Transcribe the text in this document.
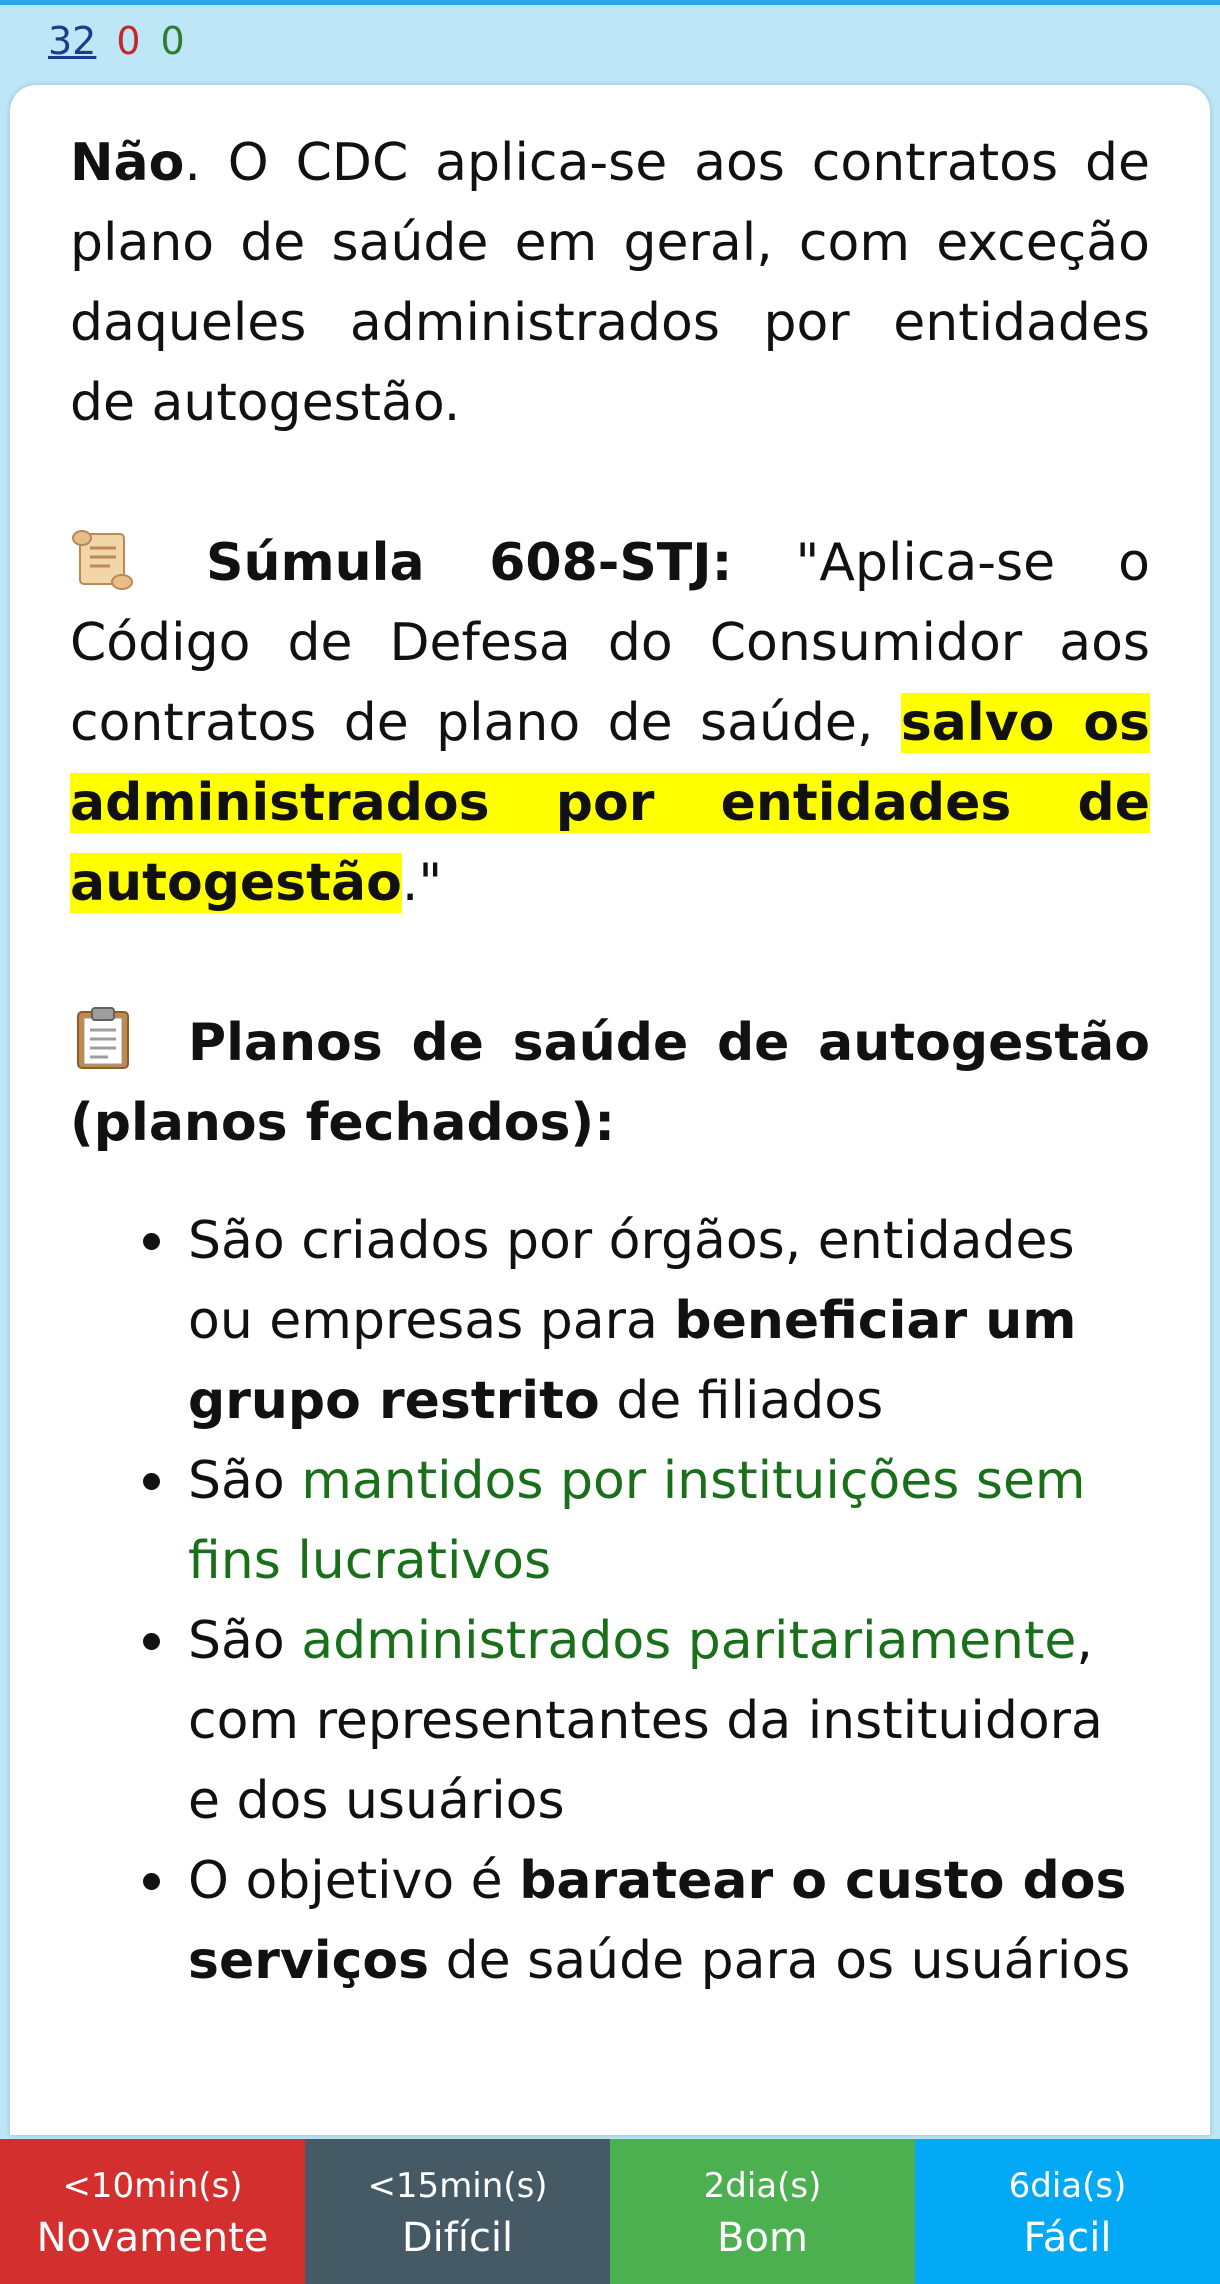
32 0 0

Não. O CDC aplica-se aos contratos de plano de saúde em geral, com exceção daqueles administrados por entidades de autogestão.

Súmula 608-STJ: "Aplica-se o Código de Defesa do Consumidor aos contratos de plano de saúde, salvo os administrados por entidades de autogestão."

Planos de saúde de autogestão (planos fechados):

São criados por órgãos, entidades ou empresas para beneficiar um grupo restrito de filiados
São mantidos por instituições sem fins lucrativos
São administrados paritariamente, com representantes da instituidora e dos usuários
O objetivo é baratear o custo dos serviços de saúde para os usuários
<10min(s)
Novamente
<15min(s)
Difícil
2dia(s)
Bom
6dia(s)
Fácil
